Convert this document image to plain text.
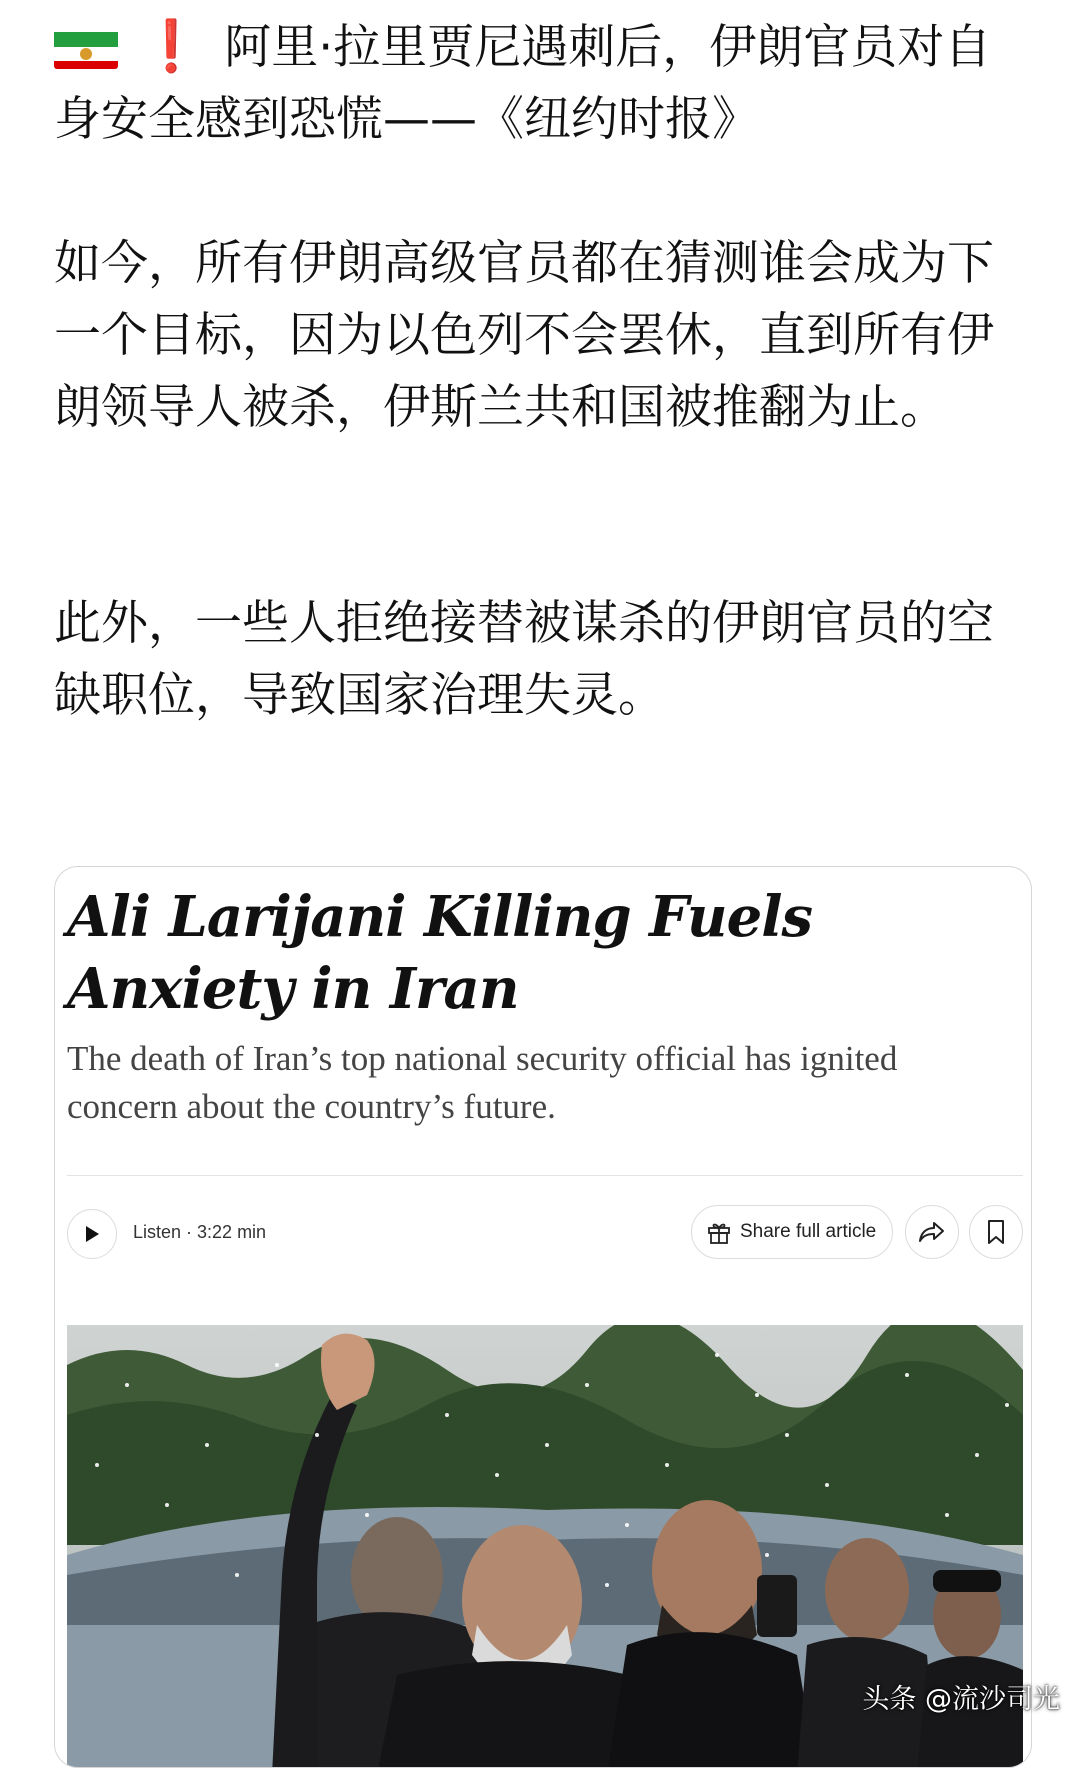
❗ 阿里·拉里贾尼遇刺后，伊朗官员对自身安全感到恐慌——《纽约时报》

如今，所有伊朗高级官员都在猜测谁会成为下一个目标，因为以色列不会罢休，直到所有伊朗领导人被杀，伊斯兰共和国被推翻为止。

此外，一些人拒绝接替被谋杀的伊朗官员的空缺职位，导致国家治理失灵。

Ali Larijani Killing Fuels Anxiety in Iran

The death of Iran’s top national security official has ignited concern about the country’s future.

Listen · 3:22 min	Share full article
头条 @流沙司光
